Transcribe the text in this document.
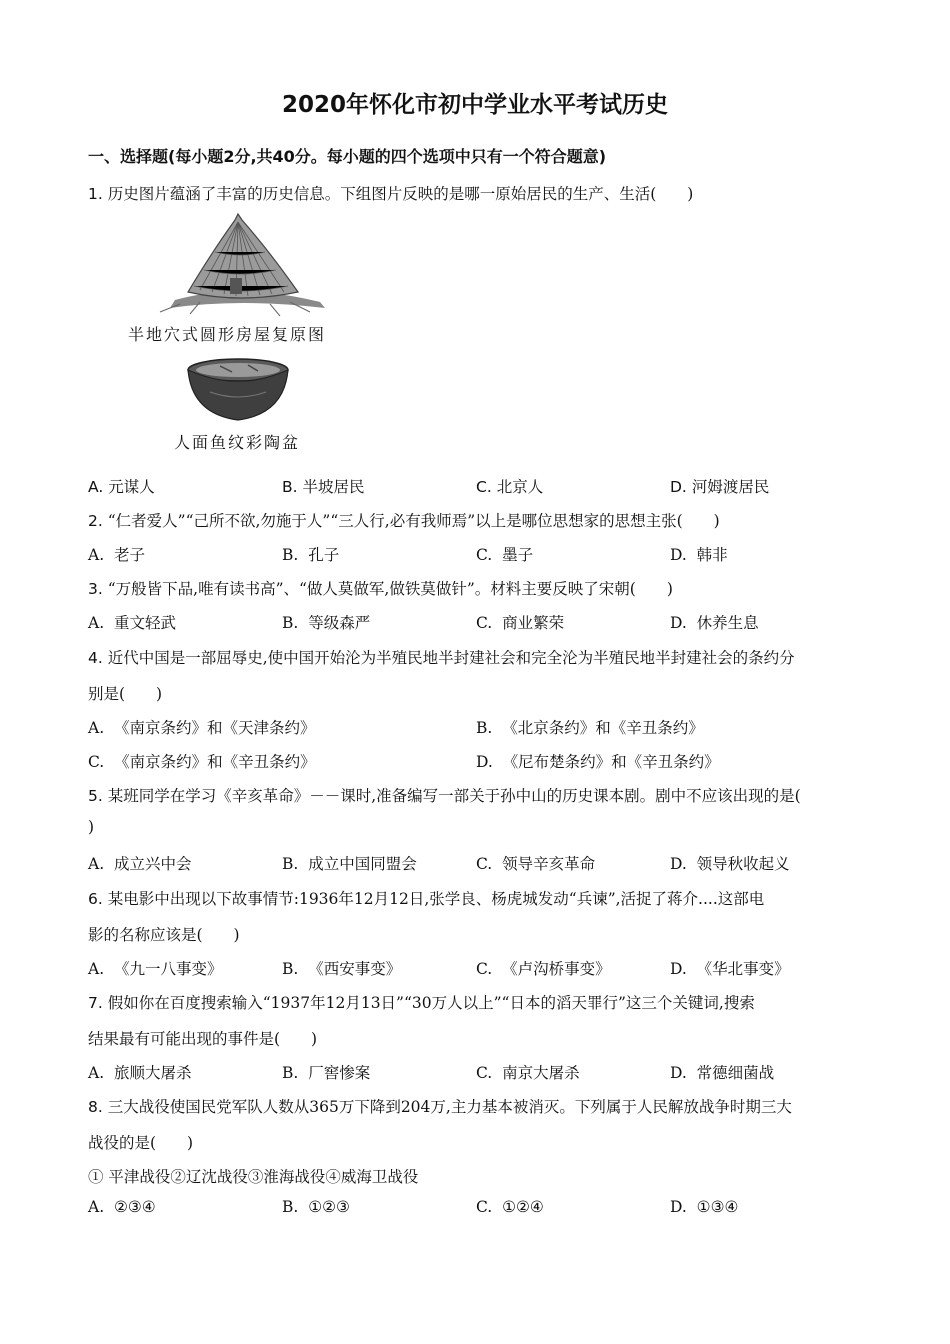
2020年怀化市初中学业水平考试历史
一、选择题(每小题2分,共40分。每小题的四个选项中只有一个符合题意)
1. 历史图片蕴涵了丰富的历史信息。下组图片反映的是哪一原始居民的生产、生活(　　)
半地穴式圆形房屋复原图
人面鱼纹彩陶盆
A. 元谋人	B. 半坡居民	C. 北京人	D. 河姆渡居民
2. “仁者爱人”“己所不欲,勿施于人”“三人行,必有我师焉”以上是哪位思想家的思想主张(　　)
A. 老子	B. 孔子	C. 墨子	D. 韩非
3. “万般皆下品,唯有读书高”、“做人莫做军,做铁莫做针”。材料主要反映了宋朝(　　)
A. 重文轻武	B. 等级森严	C. 商业繁荣	D. 休养生息
4. 近代中国是一部屈辱史,使中国开始沦为半殖民地半封建社会和完全沦为半殖民地半封建社会的条约分
别是(　　)
A. 《南京条约》和《天津条约》	B. 《北京条约》和《辛丑条约》
C. 《南京条约》和《辛丑条约》	D. 《尼布楚条约》和《辛丑条约》
5. 某班同学在学习《辛亥革命》－－课时,准备编写一部关于孙中山的历史课本剧。剧中不应该出现的是(
)
A. 成立兴中会	B. 成立中国同盟会	C. 领导辛亥革命	D. 领导秋收起义
6. 某电影中出现以下故事情节:1936年12月12日,张学良、杨虎城发动“兵谏”,活捉了蒋介....这部电
影的名称应该是(　　)
A. 《九一八事变》	B. 《西安事变》	C. 《卢沟桥事变》	D. 《华北事变》
7. 假如你在百度搜索输入“1937年12月13日”“30万人以上”“日本的滔天罪行”这三个关键词,搜索
结果最有可能出现的事件是(　　)
A. 旅顺大屠杀	B. 厂窖惨案	C. 南京大屠杀	D. 常德细菌战
8. 三大战役使国民党军队人数从365万下降到204万,主力基本被消灭。下列属于人民解放战争时期三大
战役的是(　　)
① 平津战役②辽沈战役③淮海战役④威海卫战役
A. ②③④	B. ①②③	C. ①②④	D. ①③④
